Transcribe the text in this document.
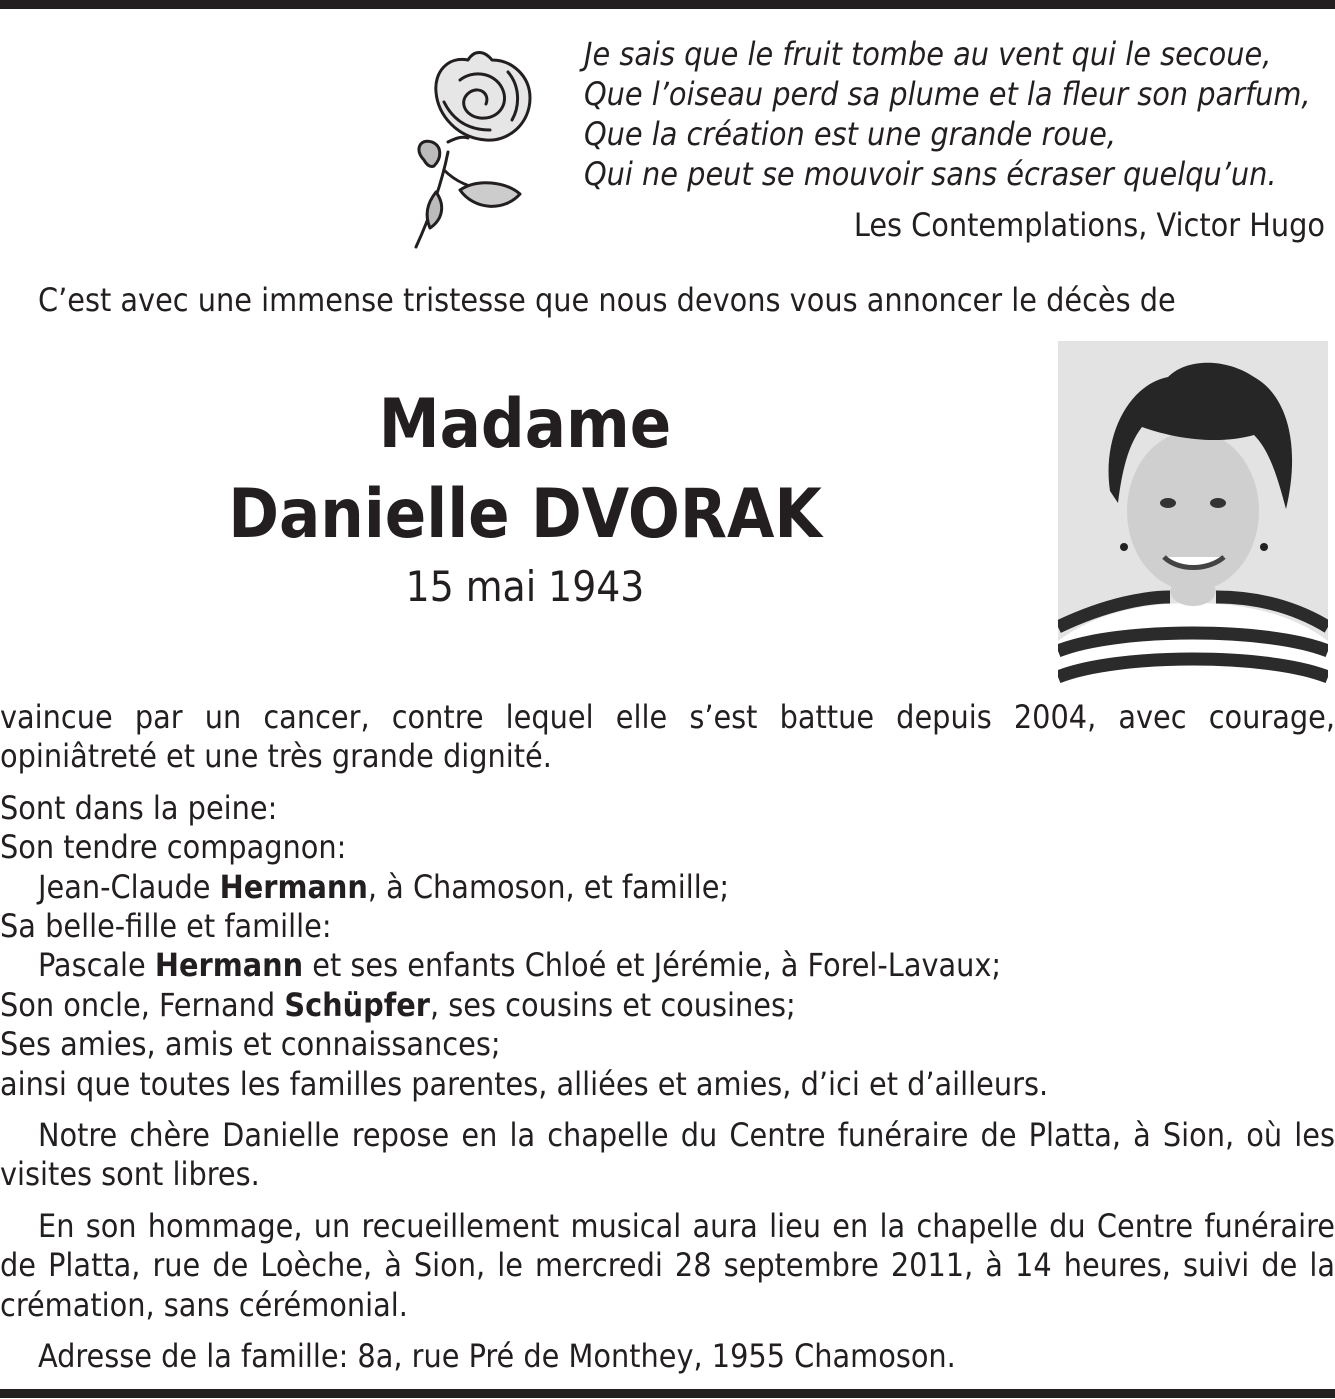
Je sais que le fruit tombe au vent qui le secoue,
Que l’oiseau perd sa plume et la fleur son parfum,
Que la création est une grande roue,
Qui ne peut se mouvoir sans écraser quelqu’un.
Les Contemplations, Victor Hugo
C’est avec une immense tristesse que nous devons vous annoncer le décès de
Madame
Danielle DVORAK
15 mai 1943

vaincue par un cancer, contre lequel elle s’est battue depuis 2004, avec courage, opiniâtreté et une très grande dignité.

Sont dans la peine:

Son tendre compagnon:

Jean-Claude Hermann, à Chamoson, et famille;

Sa belle-fille et famille:

Pascale Hermann et ses enfants Chloé et Jérémie, à Forel-Lavaux;

Son oncle, Fernand Schüpfer, ses cousins et cousines;

Ses amies, amis et connaissances;

ainsi que toutes les familles parentes, alliées et amies, d’ici et d’ailleurs.

Notre chère Danielle repose en la chapelle du Centre funéraire de Platta, à Sion, où les visites sont libres.

En son hommage, un recueillement musical aura lieu en la chapelle du Centre funéraire de Platta, rue de Loèche, à Sion, le mercredi 28 septembre 2011, à 14 heures, suivi de la crémation, sans cérémonial.

Adresse de la famille: 8a, rue Pré de Monthey, 1955 Chamoson.
